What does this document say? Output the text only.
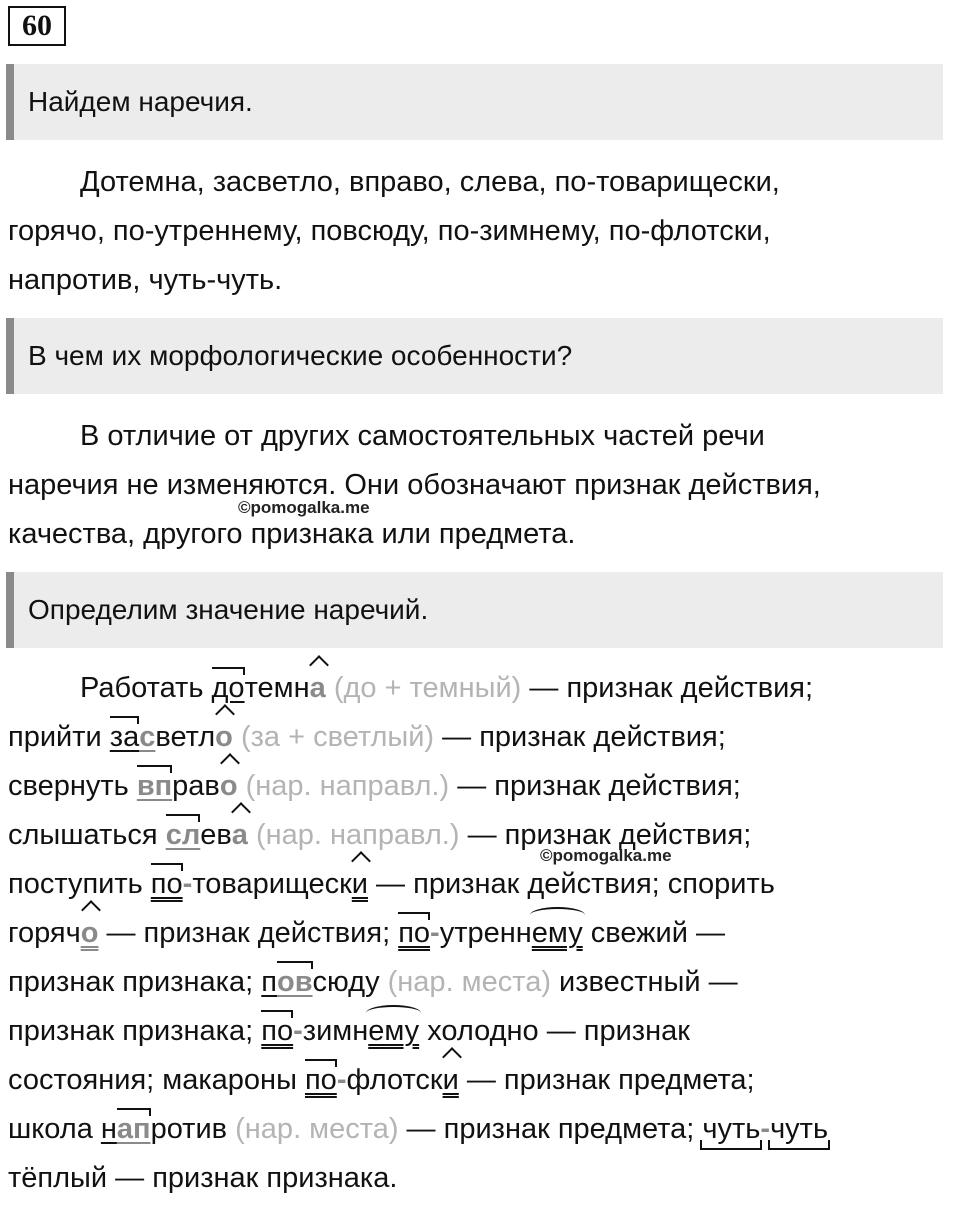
60
Найдем наречия.
Дотемна, засветло, вправо, слева, по-товарищески,
горячо, по-утреннему, повсюду, по-зимнему, по-флотски,
напротив, чуть-чуть.
В чем их морфологические особенности?
В отличие от других самостоятельных частей речи
наречия не изменяются. Они обозначают признак действия,
качества, другого признака или предмета.
©pomogalka.me
Определим значение наречий.
Работать дотемна (до + темный) — признак действия;
прийти засветло (за + светлый) — признак действия;
свернуть вправо (нар. направл.) — признак действия;
слышаться слева (нар. направл.) — признак действия;
поступить по-товарищески — признак действия; спорить
горячо — признак действия; по-утреннему свежий —
признак признака; повсюду (нар. места) известный —
признак признака; по-зимнему холодно — признак
состояния; макароны по-флотски — признак предмета;
школа напротив (нар. места) — признак предмета; чуть-чуть
тёплый — признак признака.
©pomogalka.me
